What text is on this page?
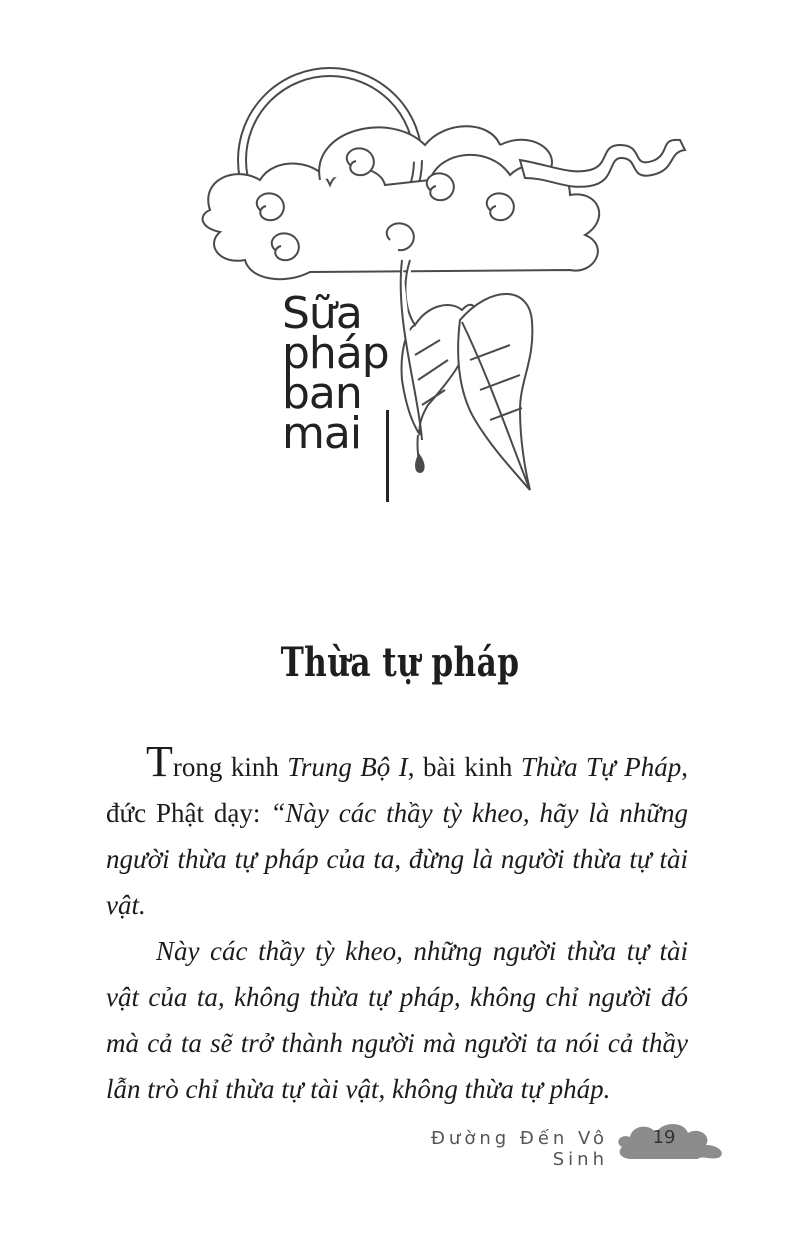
Sữa
pháp
ban
mai
Thừa tự pháp

Trong kinh Trung Bộ I, bài kinh Thừa Tự Pháp, đức Phật dạy: “Này các thầy tỳ kheo, hãy là những người thừa tự pháp của ta, đừng là người thừa tự tài vật.

Này các thầy tỳ kheo, những người thừa tự tài vật của ta, không thừa tự pháp, không chỉ người đó mà cả ta sẽ trở thành người mà người ta nói cả thầy lẫn trò chỉ thừa tự tài vật, không thừa tự pháp.

Đường Đến Vô Sinh
19
